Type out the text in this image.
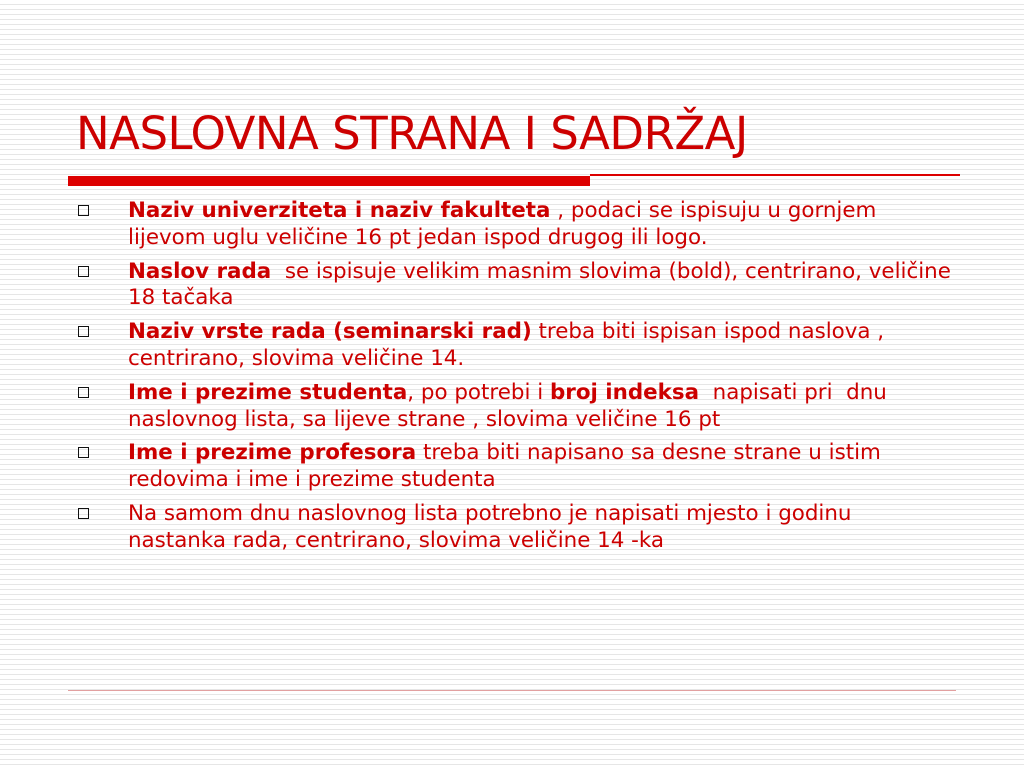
NASLOVNA STRANA I SADRŽAJ
Naziv univerziteta i naziv fakulteta , podaci se ispisuju u gornjem lijevom uglu veličine 16 pt jedan ispod drugog ili logo.
Naslov rada  se ispisuje velikim masnim slovima (bold), centrirano, veličine 18 tačaka
Naziv vrste rada (seminarski rad) treba biti ispisan ispod naslova , centrirano, slovima veličine 14.
Ime i prezime studenta, po potrebi i broj indeksa  napisati pri  dnu  naslovnog lista, sa lijeve strane , slovima veličine 16 pt
Ime i prezime profesora treba biti napisano sa desne strane u istim redovima i ime i prezime studenta
Na samom dnu naslovnog lista potrebno je napisati mjesto i godinu nastanka rada, centrirano, slovima veličine 14 -ka
